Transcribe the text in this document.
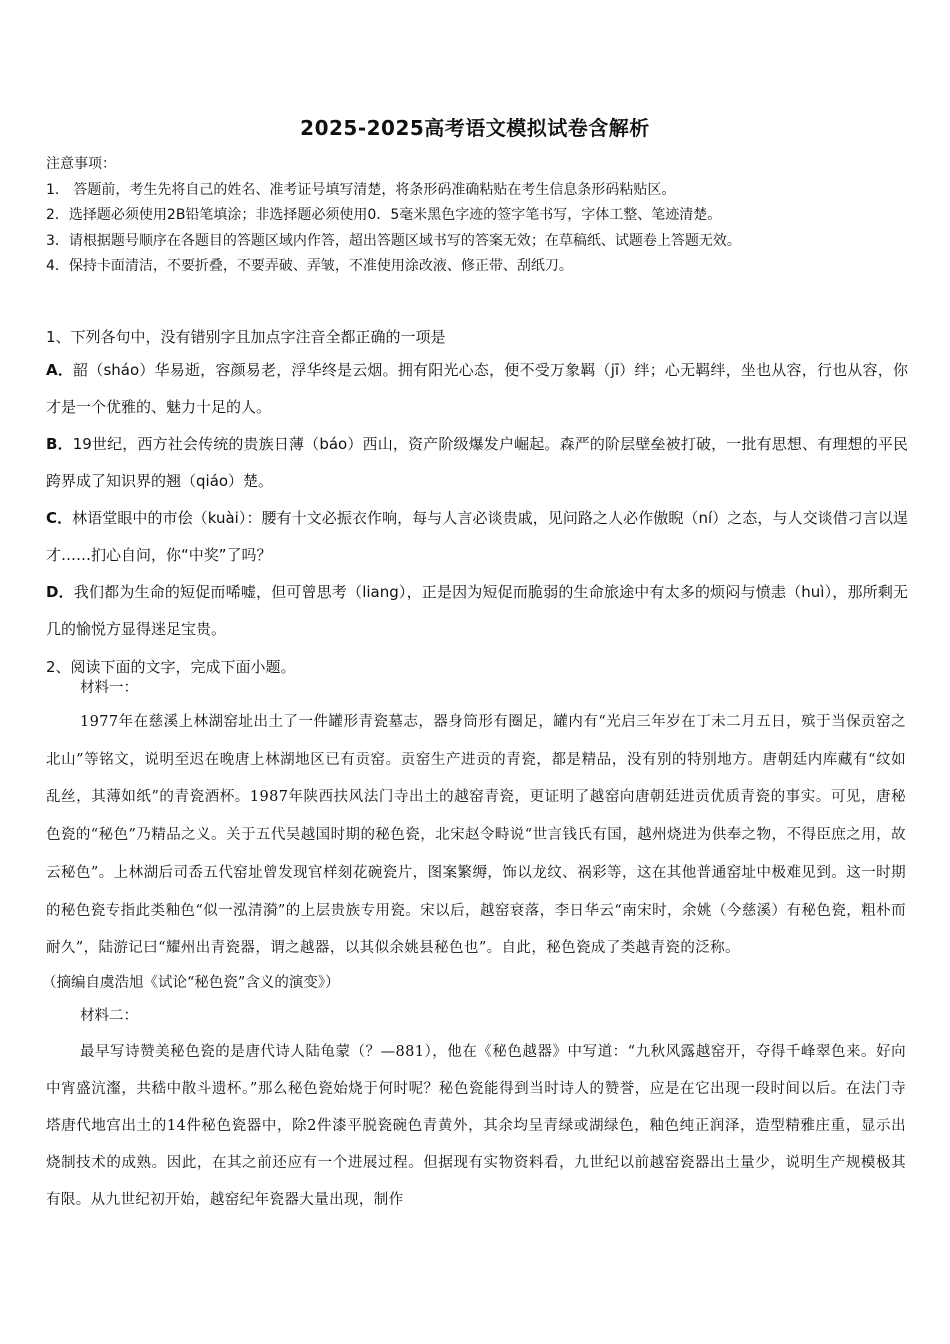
2025-2025高考语文模拟试卷含解析
注意事项：
1.　答题前，考生先将自己的姓名、准考证号填写清楚，将条形码准确粘贴在考生信息条形码粘贴区。
2．选择题必须使用2B铅笔填涂；非选择题必须使用0．5毫米黑色字迹的签字笔书写，字体工整、笔迹清楚。
3．请根据题号顺序在各题目的答题区域内作答，超出答题区域书写的答案无效；在草稿纸、试题卷上答题无效。
4．保持卡面清洁，不要折叠，不要弄破、弄皱，不准使用涂改液、修正带、刮纸刀。
1、下列各句中，没有错别字且加点字注音全都正确的一项是
A．韶（sháo）华易逝，容颜易老，浮华终是云烟。拥有阳光心态，便不受万象羁（jī）绊；心无羁绊，坐也从容，行也从容，你才是一个优雅的、魅力十足的人。
B．19世纪，西方社会传统的贵族日薄（báo）西山，资产阶级爆发户崛起。森严的阶层壁垒被打破，一批有思想、有理想的平民跨界成了知识界的翘（qiáo）楚。
C．林语堂眼中的市侩（kuài）：腰有十文必振衣作响，每与人言必谈贵戚，见问路之人必作傲睨（ní）之态，与人交谈借刁言以逞才……扪心自问，你“中奖”了吗？
D．我们都为生命的短促而唏嘘，但可曾思考（liang），正是因为短促而脆弱的生命旅途中有太多的烦闷与愤恚（huì），那所剩无几的愉悦方显得迷足宝贵。
2、阅读下面的文字，完成下面小题。
材料一：
1977年在慈溪上林湖窑址出土了一件罐形青瓷墓志，器身筒形有圈足，罐内有“光启三年岁在丁未二月五日，殡于当保贡窑之北山”等铭文，说明至迟在晚唐上林湖地区已有贡窑。贡窑生产进贡的青瓷，都是精品，没有别的特别地方。唐朝廷内库藏有“纹如乱丝，其薄如纸”的青瓷酒杯。1987年陕西扶风法门寺出土的越窑青瓷，更证明了越窑向唐朝廷进贡优质青瓷的事实。可见，唐秘色瓷的“秘色”乃精品之义。关于五代吴越国时期的秘色瓷，北宋赵令畤说“世言钱氏有国，越州烧进为供奉之物，不得臣庶之用，故云秘色”。上林湖后司岙五代窑址曾发现官样刻花碗瓷片，图案繁缛，饰以龙纹、祸彩等，这在其他普通窑址中极难见到。这一时期的秘色瓷专指此类釉色“似一泓清漪”的上层贵族专用瓷。宋以后，越窑衰落，李日华云“南宋时，余姚（今慈溪）有秘色瓷，粗朴而耐久”，陆游记曰“耀州出青瓷器，谓之越器，以其似余姚县秘色也”。自此，秘色瓷成了类越青瓷的泛称。
（摘编自虞浩旭《试论“秘色瓷”含义的演变》）
材料二：
最早写诗赞美秘色瓷的是唐代诗人陆龟蒙（？—881），他在《秘色越器》中写道：“九秋风露越窑开，夺得千峰翠色来。好向中宵盛沆瀣，共嵇中散斗遗杯。”那么秘色瓷始烧于何时呢？秘色瓷能得到当时诗人的赞誉，应是在它出现一段时间以后。在法门寺塔唐代地宫出土的14件秘色瓷器中，除2件漆平脱瓷碗色青黄外，其余均呈青绿或湖绿色，釉色纯正润泽，造型精雅庄重，显示出烧制技术的成熟。因此，在其之前还应有一个进展过程。但据现有实物资料看，九世纪以前越窑瓷器出土量少，说明生产规模极其有限。从九世纪初开始，越窑纪年瓷器大量出现，制作
